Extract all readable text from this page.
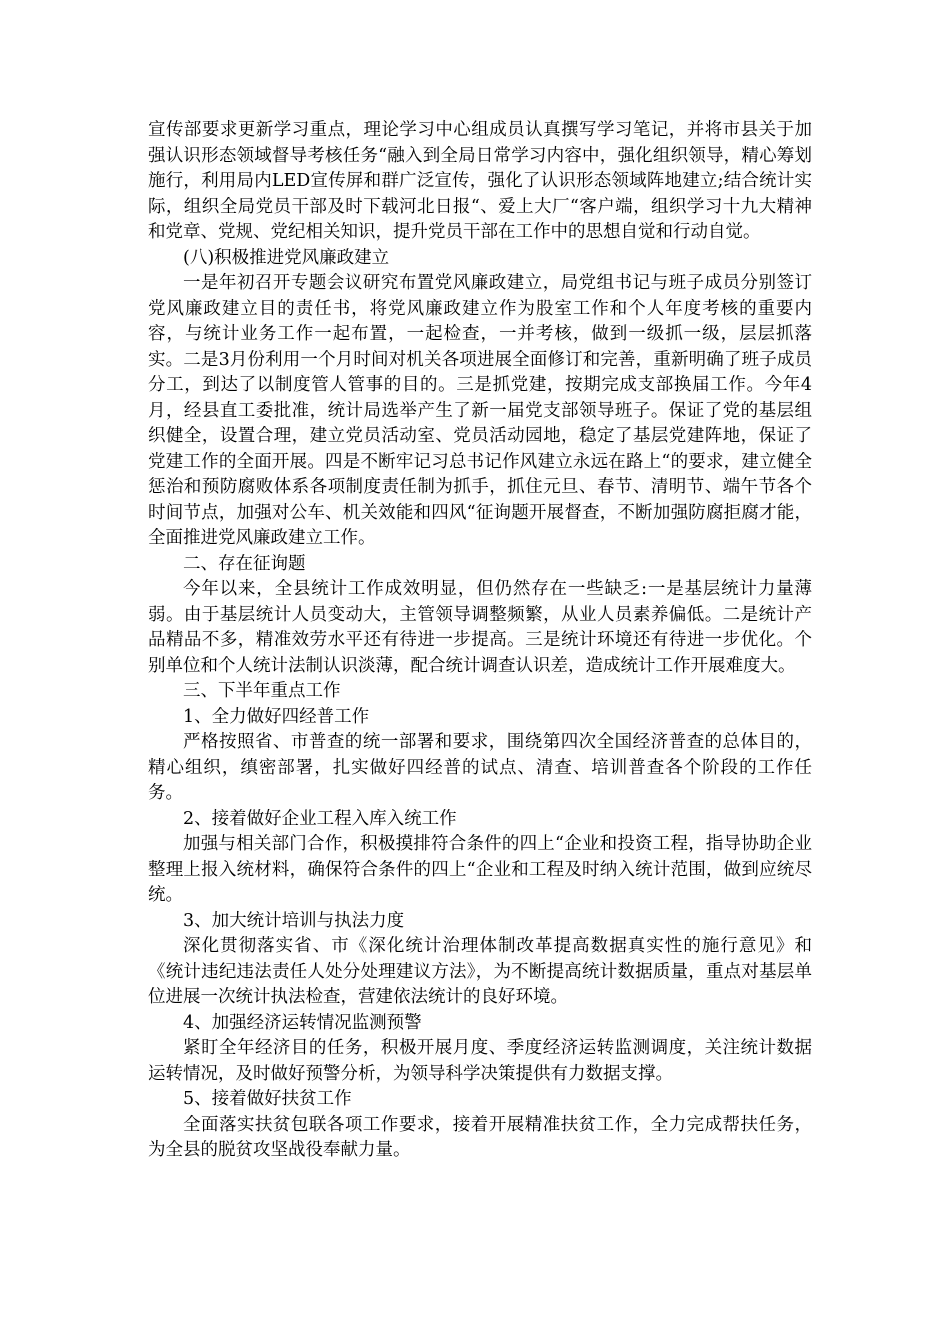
宣传部要求更新学习重点，理论学习中心组成员认真撰写学习笔记，并将市县关于加强认识形态领域督导考核任务“融入到全局日常学习内容中，强化组织领导，精心筹划施行，利用局内LED宣传屏和群广泛宣传，强化了认识形态领域阵地建立;结合统计实际，组织全局党员干部及时下载河北日报“、爱上大厂“客户端，组织学习十九大精神和党章、党规、党纪相关知识，提升党员干部在工作中的思想自觉和行动自觉。

(八)积极推进党风廉政建立

一是年初召开专题会议研究布置党风廉政建立，局党组书记与班子成员分别签订党风廉政建立目的责任书，将党风廉政建立作为股室工作和个人年度考核的重要内容，与统计业务工作一起布置，一起检查，一并考核，做到一级抓一级，层层抓落实。二是3月份利用一个月时间对机关各项进展全面修订和完善，重新明确了班子成员分工，到达了以制度管人管事的目的。三是抓党建，按期完成支部换届工作。今年4月，经县直工委批准，统计局选举产生了新一届党支部领导班子。保证了党的基层组织健全，设置合理，建立党员活动室、党员活动园地，稳定了基层党建阵地，保证了党建工作的全面开展。四是不断牢记习总书记作风建立永远在路上“的要求，建立健全惩治和预防腐败体系各项制度责任制为抓手，抓住元旦、春节、清明节、端午节各个时间节点，加强对公车、机关效能和四风“征询题开展督查，不断加强防腐拒腐才能，全面推进党风廉政建立工作。

二、存在征询题

今年以来，全县统计工作成效明显，但仍然存在一些缺乏:一是基层统计力量薄弱。由于基层统计人员变动大，主管领导调整频繁，从业人员素养偏低。二是统计产品精品不多，精准效劳水平还有待进一步提高。三是统计环境还有待进一步优化。个别单位和个人统计法制认识淡薄，配合统计调查认识差，造成统计工作开展难度大。

三、下半年重点工作

1、全力做好四经普工作

严格按照省、市普查的统一部署和要求，围绕第四次全国经济普查的总体目的，精心组织，缜密部署，扎实做好四经普的试点、清查、培训普查各个阶段的工作任务。

2、接着做好企业工程入库入统工作

加强与相关部门合作，积极摸排符合条件的四上“企业和投资工程，指导协助企业整理上报入统材料，确保符合条件的四上“企业和工程及时纳入统计范围，做到应统尽统。

3、加大统计培训与执法力度

深化贯彻落实省、市《深化统计治理体制改革提高数据真实性的施行意见》和《统计违纪违法责任人处分处理建议方法》，为不断提高统计数据质量，重点对基层单位进展一次统计执法检查，营建依法统计的良好环境。

4、加强经济运转情况监测预警

紧盯全年经济目的任务，积极开展月度、季度经济运转监测调度，关注统计数据运转情况，及时做好预警分析，为领导科学决策提供有力数据支撑。

5、接着做好扶贫工作

全面落实扶贫包联各项工作要求，接着开展精准扶贫工作，全力完成帮扶任务，为全县的脱贫攻坚战役奉献力量。
